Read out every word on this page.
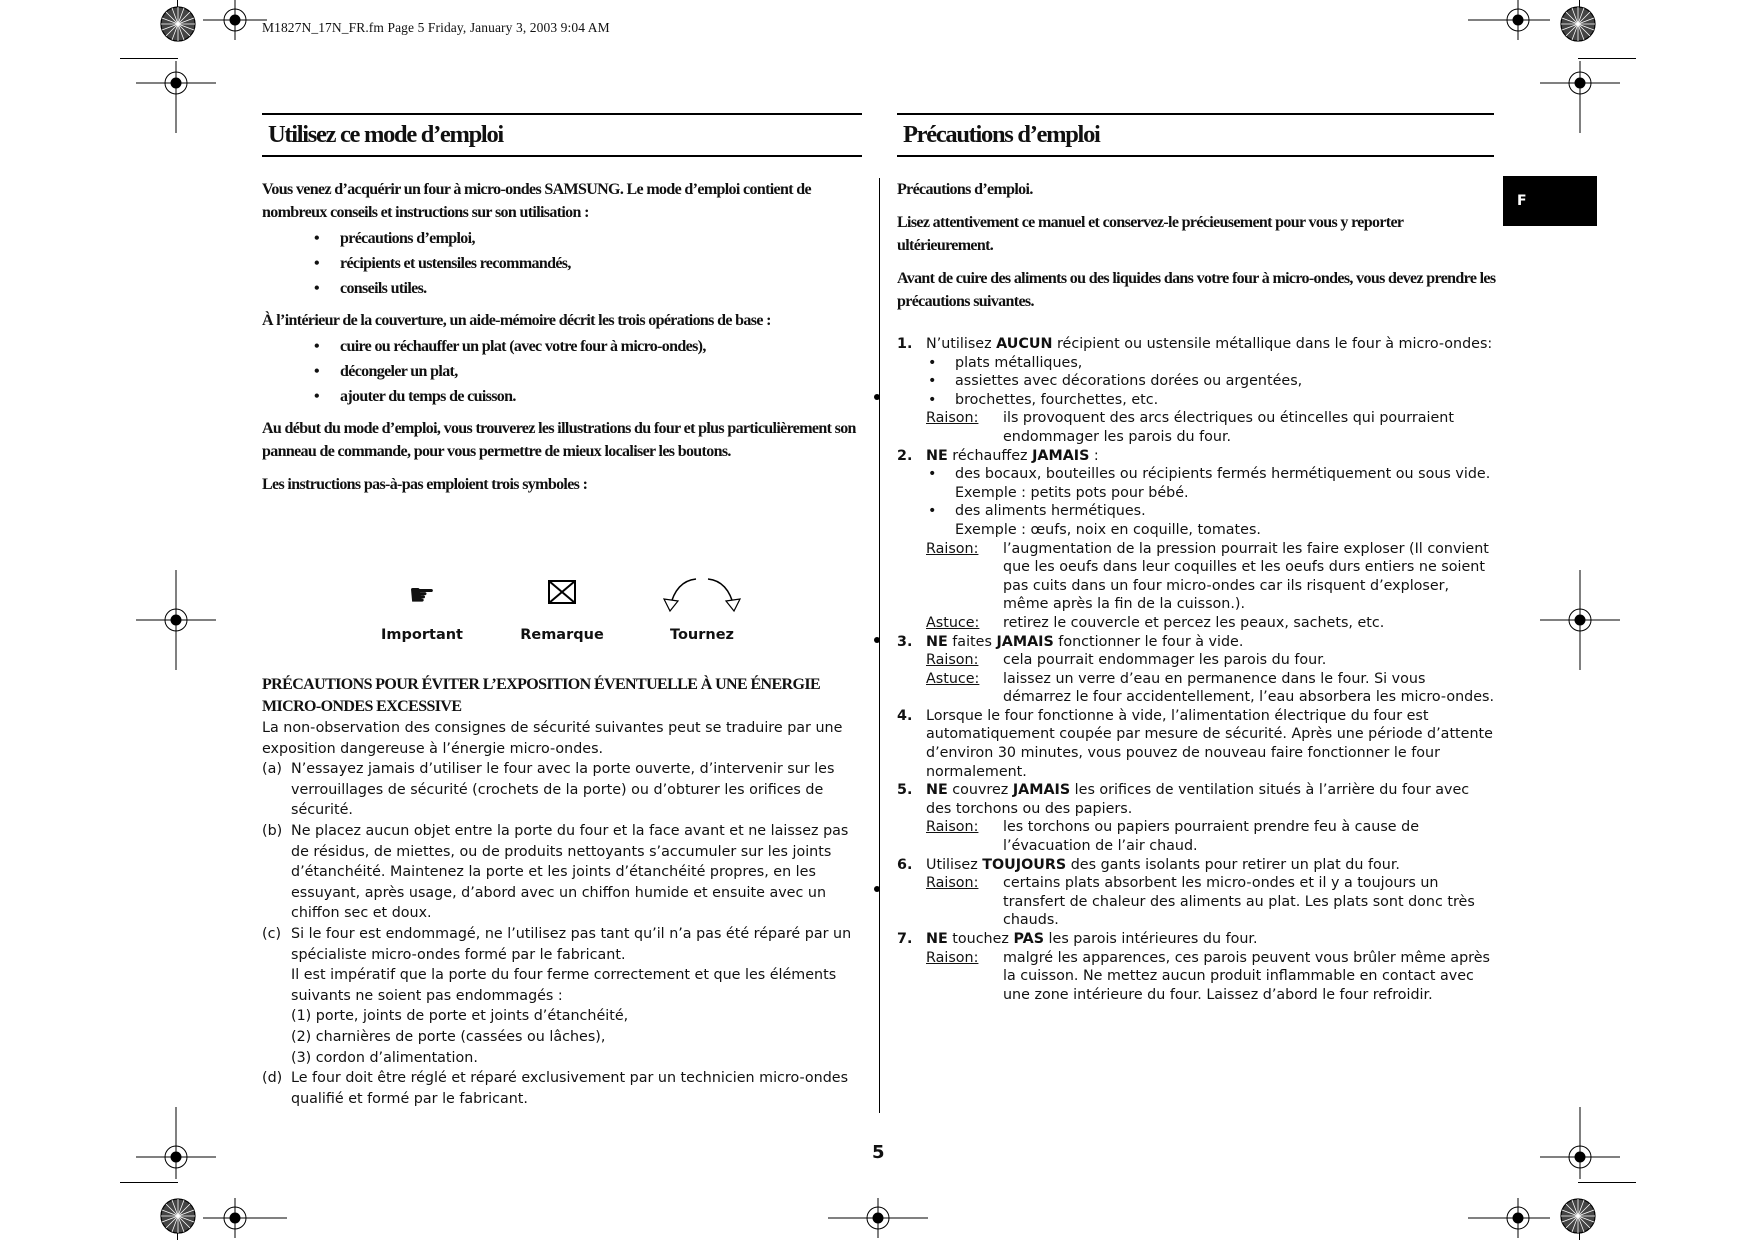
M1827N_17N_FR.fm Page 5 Friday, January 3, 2003 9:04 AM
Utilisez ce mode d’emploi

Vous venez d’acquérir un four à micro-ondes SAMSUNG. Le mode d’emploi contient de nombreux conseils et instructions sur son utilisation :

• précautions d’emploi,
• récipients et ustensiles recommandés,
• conseils utiles.

À l’intérieur de la couverture, un aide-mémoire décrit les trois opérations de base :

• cuire ou réchauffer un plat (avec votre four à micro-ondes),
• décongeler un plat,
• ajouter du temps de cuisson.

Au début du mode d’emploi, vous trouverez les illustrations du four et plus particulièrement son panneau de commande, pour vous permettre de mieux localiser les boutons.

Les instructions pas-à-pas emploient trois symboles :

☛
Important	Remarque	Tournez

PRÉCAUTIONS POUR ÉVITER L’EXPOSITION ÉVENTUELLE À UNE ÉNERGIE MICRO-ONDES EXCESSIVE

La non-observation des consignes de sécurité suivantes peut se traduire par une exposition dangereuse à l’énergie micro-ondes.

(a) N’essayez jamais d’utiliser le four avec la porte ouverte, d’intervenir sur les verrouillages de sécurité (crochets de la porte) ou d’obturer les orifices de sécurité.
(b) Ne placez aucun objet entre la porte du four et la face avant et ne laissez pas de résidus, de miettes, ou de produits nettoyants s’accumuler sur les joints d’étanchéité. Maintenez la porte et les joints d’étanchéité propres, en les essuyant, après usage, d’abord avec un chiffon humide et ensuite avec un chiffon sec et doux.
(c) Si le four est endommagé, ne l’utilisez pas tant qu’il n’a pas été réparé par un spécialiste micro-ondes formé par le fabricant.
Il est impératif que la porte du four ferme correctement et que les éléments suivants ne soient pas endommagés :
(1) porte, joints de porte et joints d’étanchéité,
(2) charnières de porte (cassées ou lâches),
(3) cordon d’alimentation.
(d) Le four doit être réglé et réparé exclusivement par un technicien micro-ondes qualifié et formé par le fabricant.
Précautions d’emploi
F

Précautions d’emploi.

Lisez attentivement ce manuel et conservez-le précieusement pour vous y reporter ultérieurement.

Avant de cuire des aliments ou des liquides dans votre four à micro-ondes, vous devez prendre les précautions suivantes.

1. N’utilisez AUCUN récipient ou ustensile métallique dans le four à micro-ondes:
• plats métalliques,
• assiettes avec décorations dorées ou argentées,
• brochettes, fourchettes, etc.
Raison:	ils provoquent des arcs électriques ou étincelles qui pourraient endommager les parois du four.
2. NE réchauffez JAMAIS :
• des bocaux, bouteilles ou récipients fermés hermétiquement ou sous vide.
Exemple : petits pots pour bébé.
• des aliments hermétiques.
Exemple : œufs, noix en coquille, tomates.
Raison:	l’augmentation de la pression pourrait les faire exploser (Il convient que les oeufs dans leur coquilles et les oeufs durs entiers ne soient pas cuits dans un four micro-ondes car ils risquent d’exploser, même après la fin de la cuisson.).
Astuce:	retirez le couvercle et percez les peaux, sachets, etc.
3. NE faites JAMAIS fonctionner le four à vide.
Raison:	cela pourrait endommager les parois du four.
Astuce:	laissez un verre d’eau en permanence dans le four. Si vous démarrez le four accidentellement, l’eau absorbera les micro-ondes.
4. Lorsque le four fonctionne à vide, l’alimentation électrique du four est automatiquement coupée par mesure de sécurité. Après une période d’attente d’environ 30 minutes, vous pouvez de nouveau faire fonctionner le four normalement.
5. NE couvrez JAMAIS les orifices de ventilation situés à l’arrière du four avec des torchons ou des papiers.
Raison:	les torchons ou papiers pourraient prendre feu à cause de l’évacuation de l’air chaud.
6. Utilisez TOUJOURS des gants isolants pour retirer un plat du four.
Raison:	certains plats absorbent les micro-ondes et il y a toujours un transfert de chaleur des aliments au plat. Les plats sont donc très chauds.
7. NE touchez PAS les parois intérieures du four.
Raison:	malgré les apparences, ces parois peuvent vous brûler même après la cuisson. Ne mettez aucun produit inflammable en contact avec une zone intérieure du four. Laissez d’abord le four refroidir.
5
